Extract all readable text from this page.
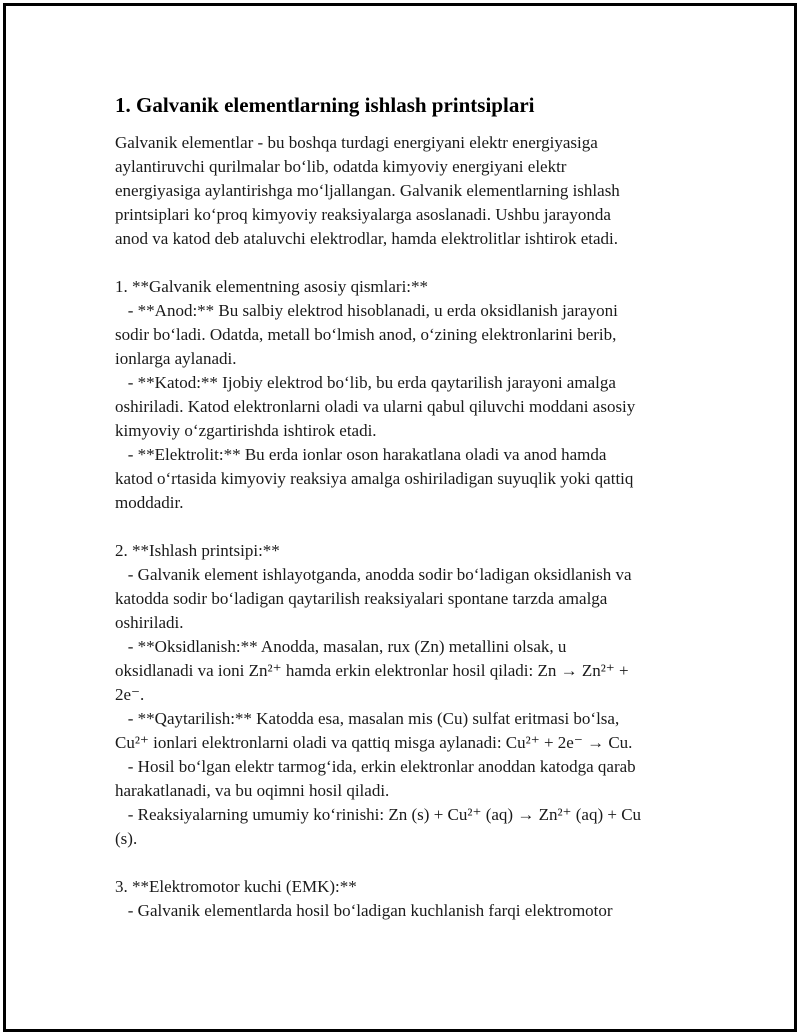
1. Galvanik elementlarning ishlash printsiplari

Galvanik elementlar - bu boshqa turdagi energiyani elektr energiyasiga
aylantiruvchi qurilmalar bo‘lib, odatda kimyoviy energiyani elektr
energiyasiga aylantirishga mo‘ljallangan. Galvanik elementlarning ishlash
printsiplari ko‘proq kimyoviy reaksiyalarga asoslanadi. Ushbu jarayonda
anod va katod deb ataluvchi elektrodlar, hamda elektrolitlar ishtirok etadi.

1. **Galvanik elementning asosiy qismlari:**
- **Anod:** Bu salbiy elektrod hisoblanadi, u erda oksidlanish jarayoni
sodir bo‘ladi. Odatda, metall bo‘lmish anod, o‘zining elektronlarini berib,
ionlarga aylanadi.
- **Katod:** Ijobiy elektrod bo‘lib, bu erda qaytarilish jarayoni amalga
oshiriladi. Katod elektronlarni oladi va ularni qabul qiluvchi moddani asosiy
kimyoviy o‘zgartirishda ishtirok etadi.
- **Elektrolit:** Bu erda ionlar oson harakatlana oladi va anod hamda
katod o‘rtasida kimyoviy reaksiya amalga oshiriladigan suyuqlik yoki qattiq
moddadir.

2. **Ishlash printsipi:**
- Galvanik element ishlayotganda, anodda sodir bo‘ladigan oksidlanish va
katodda sodir bo‘ladigan qaytarilish reaksiyalari spontane tarzda amalga
oshiriladi.
- **Oksidlanish:** Anodda, masalan, rux (Zn) metallini olsak, u
oksidlanadi va ioni Zn²⁺ hamda erkin elektronlar hosil qiladi: Zn → Zn²⁺ +
2e⁻.
- **Qaytarilish:** Katodda esa, masalan mis (Cu) sulfat eritmasi bo‘lsa,
Cu²⁺ ionlari elektronlarni oladi va qattiq misga aylanadi: Cu²⁺ + 2e⁻ → Cu.
- Hosil bo‘lgan elektr tarmog‘ida, erkin elektronlar anoddan katodga qarab
harakatlanadi, va bu oqimni hosil qiladi.
- Reaksiyalarning umumiy ko‘rinishi: Zn (s) + Cu²⁺ (aq) → Zn²⁺ (aq) + Cu
(s).

3. **Elektromotor kuchi (EMK):**
- Galvanik elementlarda hosil bo‘ladigan kuchlanish farqi elektromotor
